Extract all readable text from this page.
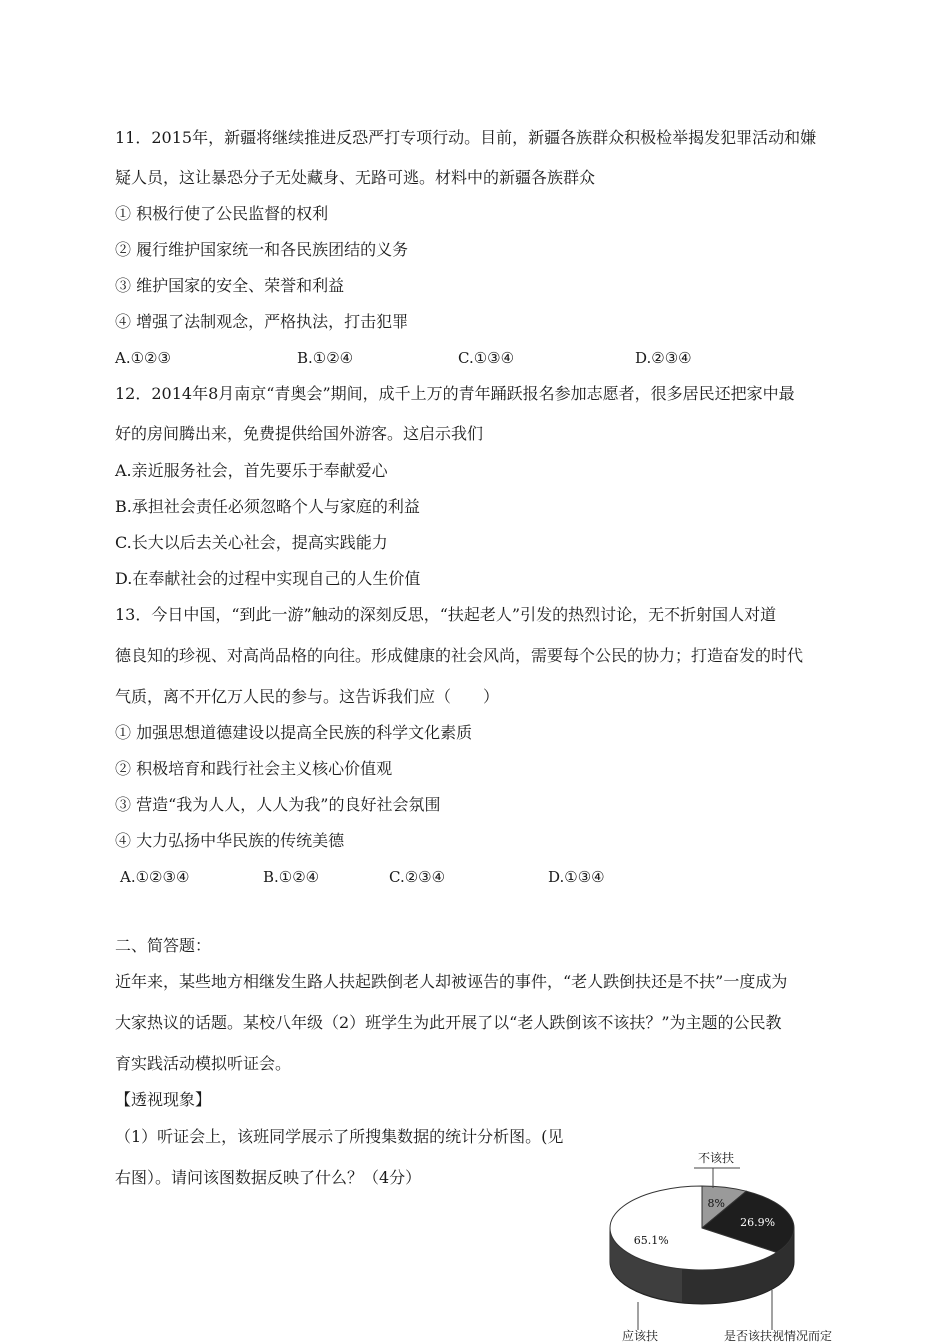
11．2015年，新疆将继续推进反恐严打专项行动。目前，新疆各族群众积极检举揭发犯罪活动和嫌
疑人员，这让暴恐分子无处藏身、无路可逃。材料中的新疆各族群众
① 积极行使了公民监督的权利
② 履行维护国家统一和各民族团结的义务
③ 维护国家的安全、荣誉和利益
④ 增强了法制观念，严格执法，打击犯罪
A.①②③	B.①②④	C.①③④	D.②③④
12．2014年8月南京“青奥会”期间，成千上万的青年踊跃报名参加志愿者，很多居民还把家中最
好的房间腾出来，免费提供给国外游客。这启示我们
A.亲近服务社会，首先要乐于奉献爱心
B.承担社会责任必须忽略个人与家庭的利益
C.长大以后去关心社会，提高实践能力
D.在奉献社会的过程中实现自己的人生价值
13．今日中国，“到此一游”触动的深刻反思，“扶起老人”引发的热烈讨论，无不折射国人对道
德良知的珍视、对高尚品格的向往。形成健康的社会风尚，需要每个公民的协力；打造奋发的时代
气质，离不开亿万人民的参与。这告诉我们应（　　）
① 加强思想道德建设以提高全民族的科学文化素质
② 积极培育和践行社会主义核心价值观
③ 营造“我为人人，人人为我”的良好社会氛围
④ 大力弘扬中华民族的传统美德
A.①②③④	B.①②④	C.②③④	D.①③④
二、简答题：
近年来，某些地方相继发生路人扶起跌倒老人却被诬告的事件，“老人跌倒扶还是不扶”一度成为
大家热议的话题。某校八年级（2）班学生为此开展了以“老人跌倒该不该扶？”为主题的公民教
育实践活动模拟听证会。
【透视现象】
（1）听证会上，该班同学展示了所搜集数据的统计分析图。(见
右图）。请问该图数据反映了什么？（4分）
8%
26.9%
65.1%
不该扶
应该扶	是否该扶视情况而定
